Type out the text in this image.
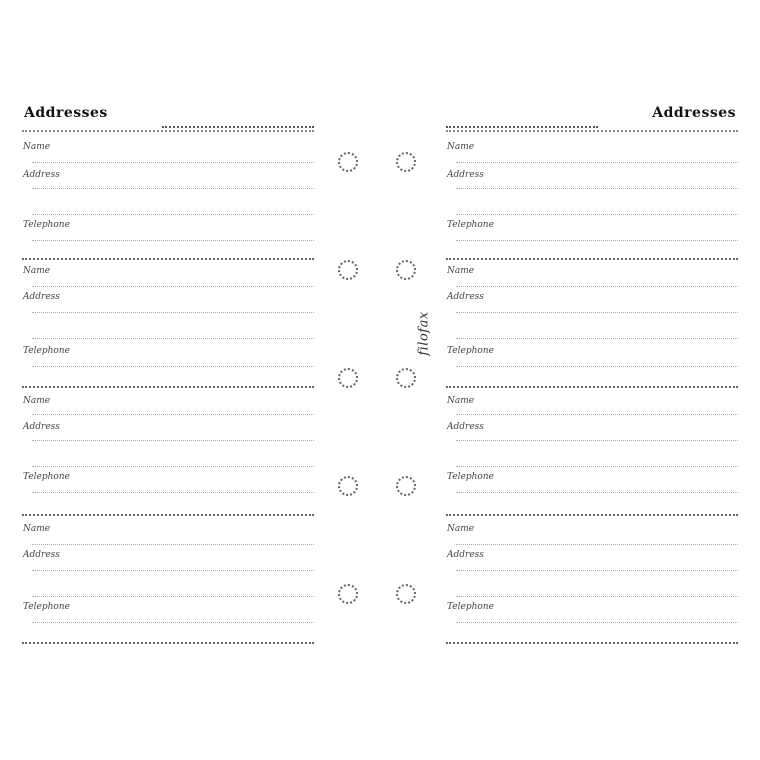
Addresses
Name
Address
Telephone
Name
Address
Telephone
Name
Address
Telephone
Name
Address
Telephone
filofax
Addresses
Name
Address
Telephone
Name
Address
Telephone
Name
Address
Telephone
Name
Address
Telephone
